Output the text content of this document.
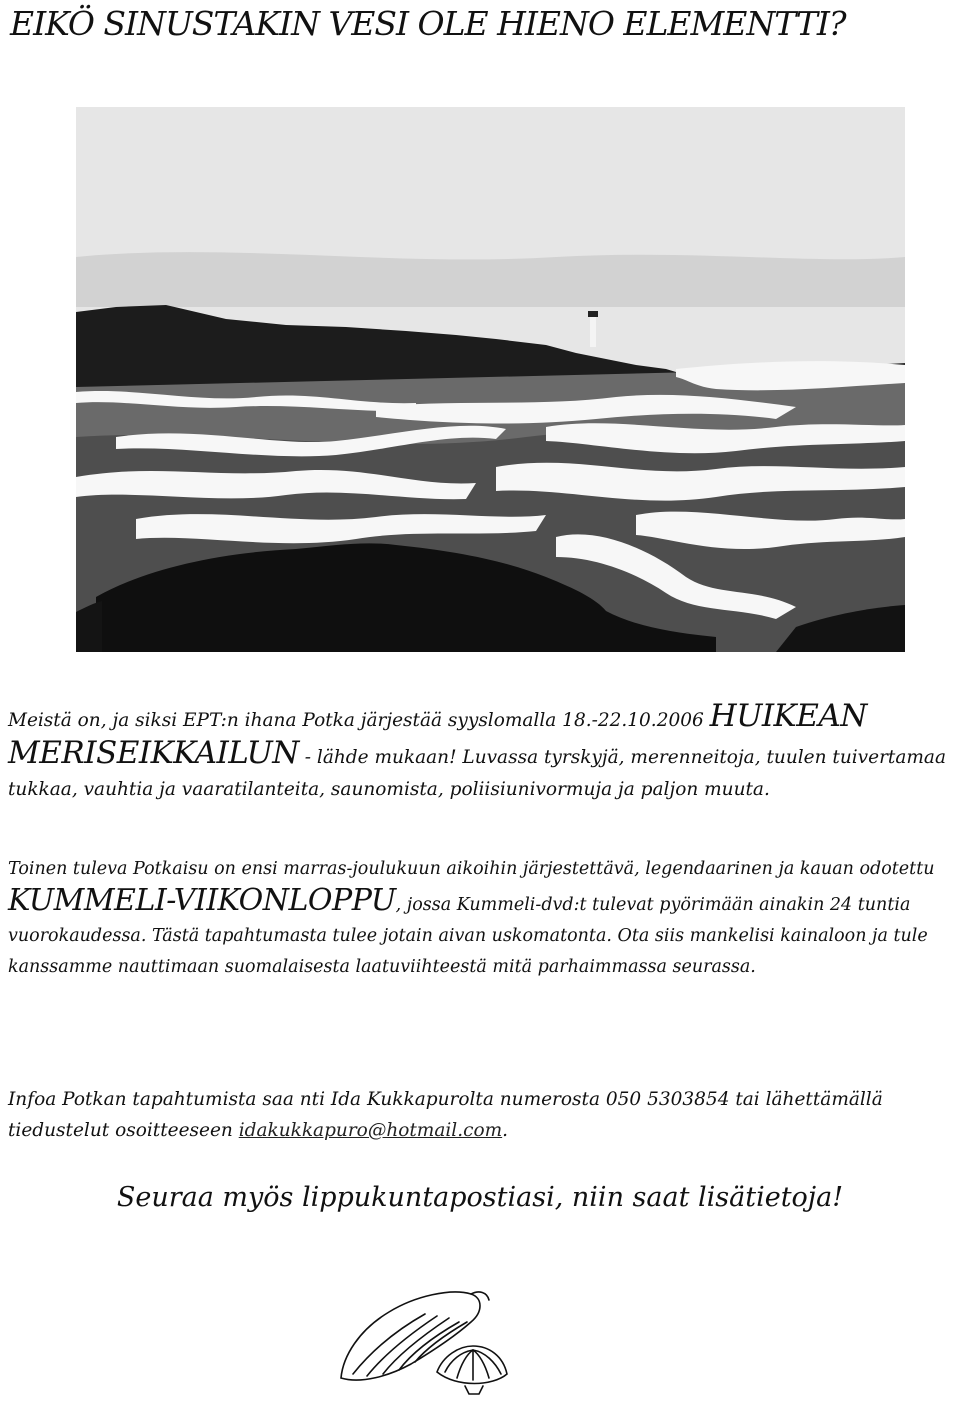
EIKÖ SINUSTAKIN VESI OLE HIENO ELEMENTTI?

Meistä on, ja siksi EPT:n ihana Potka järjestää syyslomalla 18.-22.10.2006 HUIKEAN MERISEIKKAILUN - lähde mukaan! Luvassa tyrskyjä, merenneitoja, tuulen tuivertamaa tukkaa, vauhtia ja vaaratilanteita, saunomista, poliisiunivormuja ja paljon muuta.

Toinen tuleva Potkaisu on ensi marras-joulukuun aikoihin järjestettävä, legendaarinen ja kauan odotettu KUMMELI-VIIKONLOPPU, jossa Kummeli-dvd:t tulevat pyörimään ainakin 24 tuntia vuorokaudessa. Tästä tapahtumasta tulee jotain aivan uskomatonta. Ota siis mankelisi kainaloon ja tule kanssamme nauttimaan suomalaisesta laatuviihteestä mitä parhaimmassa seurassa.

Infoa Potkan tapahtumista saa nti Ida Kukkapurolta numerosta 050 5303854 tai lähettämällä tiedustelut osoitteeseen idakukkapuro@hotmail.com.

Seuraa myös lippukuntapostiasi, niin saat lisätietoja!
